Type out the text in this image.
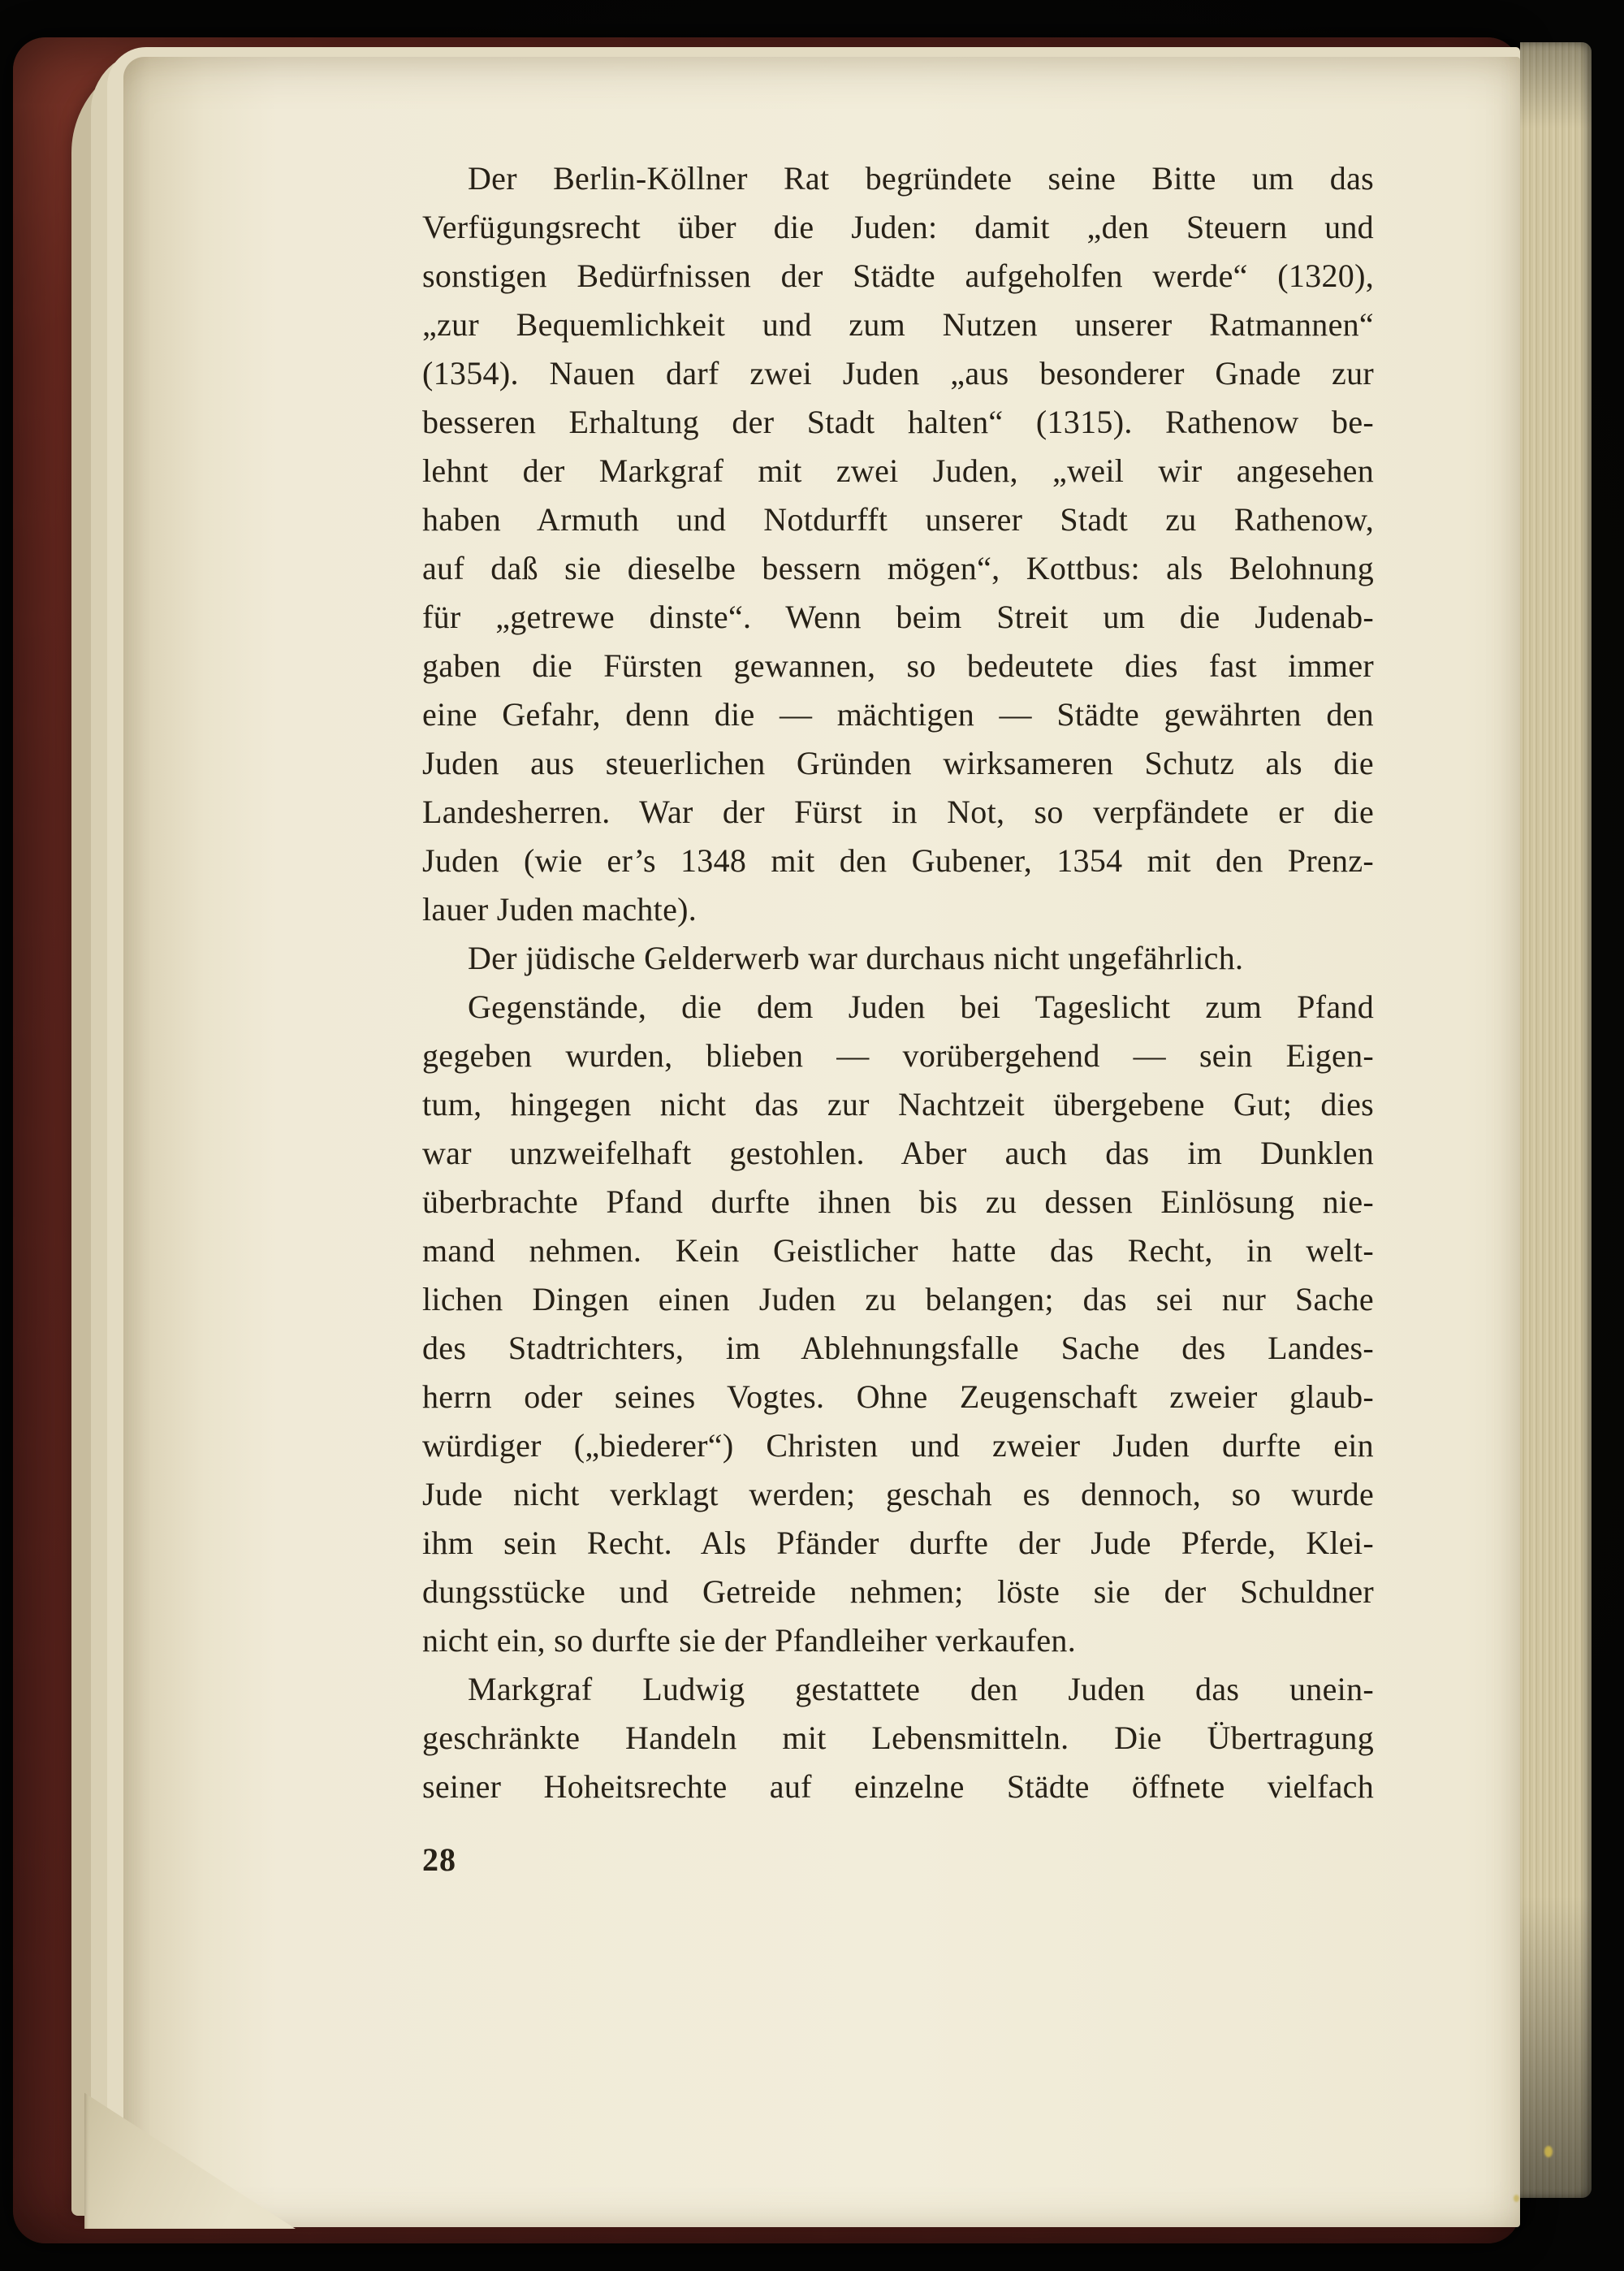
Der Berlin-Köllner Rat begründete seine Bitte um das
Verfügungsrecht über die Juden: damit „den Steuern und
sonstigen Bedürfnissen der Städte aufgeholfen werde“ (1320),
„zur Bequemlichkeit und zum Nutzen unserer Ratmannen“
(1354). Nauen darf zwei Juden „aus besonderer Gnade zur
besseren Erhaltung der Stadt halten“ (1315). Rathenow be-
lehnt der Markgraf mit zwei Juden, „weil wir angesehen
haben Armuth und Notdurfft unserer Stadt zu Rathenow,
auf daß sie dieselbe bessern mögen“, Kottbus: als Belohnung
für „getrewe dinste“. Wenn beim Streit um die Judenab-
gaben die Fürsten gewannen, so bedeutete dies fast immer
eine Gefahr, denn die — mächtigen — Städte gewährten den
Juden aus steuerlichen Gründen wirksameren Schutz als die
Landesherren. War der Fürst in Not, so verpfändete er die
Juden (wie er’s 1348 mit den Gubener, 1354 mit den Prenz-
lauer Juden machte).
Der jüdische Gelderwerb war durchaus nicht ungefährlich.
Gegenstände, die dem Juden bei Tageslicht zum Pfand
gegeben wurden, blieben — vorübergehend — sein Eigen-
tum, hingegen nicht das zur Nachtzeit übergebene Gut; dies
war unzweifelhaft gestohlen. Aber auch das im Dunklen
überbrachte Pfand durfte ihnen bis zu dessen Einlösung nie-
mand nehmen. Kein Geistlicher hatte das Recht, in welt-
lichen Dingen einen Juden zu belangen; das sei nur Sache
des Stadtrichters, im Ablehnungsfalle Sache des Landes-
herrn oder seines Vogtes. Ohne Zeugenschaft zweier glaub-
würdiger („biederer“) Christen und zweier Juden durfte ein
Jude nicht verklagt werden; geschah es dennoch, so wurde
ihm sein Recht. Als Pfänder durfte der Jude Pferde, Klei-
dungsstücke und Getreide nehmen; löste sie der Schuldner
nicht ein, so durfte sie der Pfandleiher verkaufen.
Markgraf Ludwig gestattete den Juden das unein-
geschränkte Handeln mit Lebensmitteln. Die Übertragung
seiner Hoheitsrechte auf einzelne Städte öffnete vielfach
28
